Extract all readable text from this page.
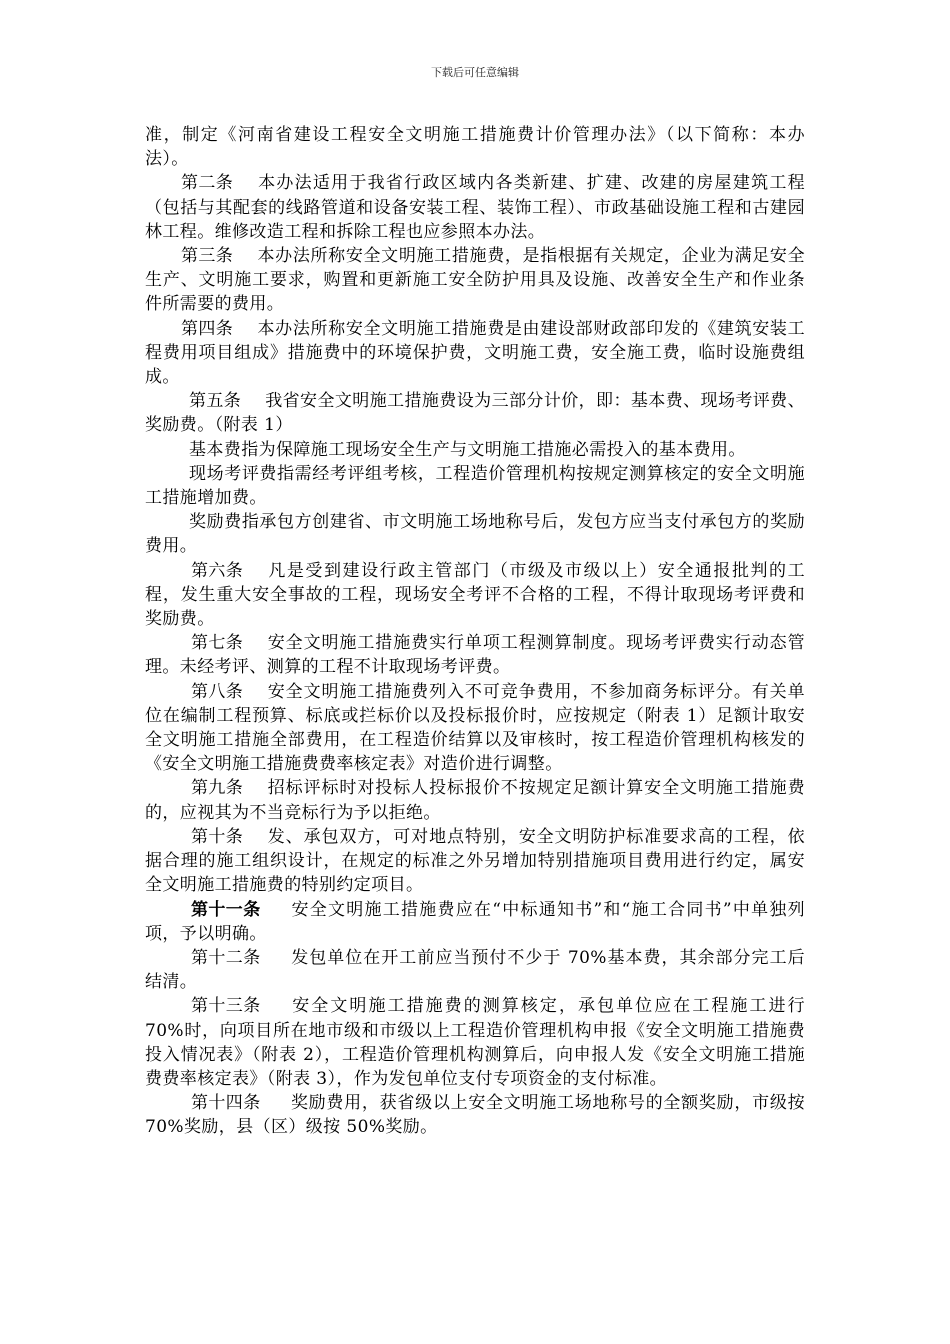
下载后可任意编辑

准，制定《河南省建设工程安全文明施工措施费计价管理办法》（以下简称：本办法）。

第二条 本办法适用于我省行政区域内各类新建、扩建、改建的房屋建筑工程（包括与其配套的线路管道和设备安装工程、装饰工程）、市政基础设施工程和古建园林工程。维修改造工程和拆除工程也应参照本办法。

第三条 本办法所称安全文明施工措施费，是指根据有关规定，企业为满足安全生产、文明施工要求，购置和更新施工安全防护用具及设施、改善安全生产和作业条件所需要的费用。

第四条 本办法所称安全文明施工措施费是由建设部财政部印发的《建筑安装工程费用项目组成》措施费中的环境保护费，文明施工费，安全施工费，临时设施费组成。

第五条 我省安全文明施工措施费设为三部分计价，即：基本费、现场考评费、奖励费。（附表 1）

基本费指为保障施工现场安全生产与文明施工措施必需投入的基本费用。

现场考评费指需经考评组考核，工程造价管理机构按规定测算核定的安全文明施工措施增加费。

奖励费指承包方创建省、市文明施工场地称号后，发包方应当支付承包方的奖励费用。

第六条 凡是受到建设行政主管部门（市级及市级以上）安全通报批判的工程，发生重大安全事故的工程，现场安全考评不合格的工程，不得计取现场考评费和奖励费。

第七条 安全文明施工措施费实行单项工程测算制度。现场考评费实行动态管理。未经考评、测算的工程不计取现场考评费。

第八条 安全文明施工措施费列入不可竞争费用，不参加商务标评分。有关单位在编制工程预算、标底或拦标价以及投标报价时，应按规定（附表 1）足额计取安全文明施工措施全部费用，在工程造价结算以及审核时，按工程造价管理机构核发的《安全文明施工措施费费率核定表》对造价进行调整。

第九条 招标评标时对投标人投标报价不按规定足额计算安全文明施工措施费的，应视其为不当竞标行为予以拒绝。

第十条 发、承包双方，可对地点特别，安全文明防护标准要求高的工程，依据合理的施工组织设计，在规定的标准之外另增加特别措施项目费用进行约定，属安全文明施工措施费的特别约定项目。

第十一条 安全文明施工措施费应在“中标通知书”和“施工合同书”中单独列项，予以明确。

第十二条 发包单位在开工前应当预付不少于 70%基本费，其余部分完工后结清。

第十三条 安全文明施工措施费的测算核定，承包单位应在工程施工进行 70%时，向项目所在地市级和市级以上工程造价管理机构申报《安全文明施工措施费投入情况表》（附表 2），工程造价管理机构测算后，向申报人发《安全文明施工措施费费率核定表》（附表 3），作为发包单位支付专项资金的支付标准。

第十四条 奖励费用，获省级以上安全文明施工场地称号的全额奖励，市级按 70%奖励，县（区）级按 50%奖励。
